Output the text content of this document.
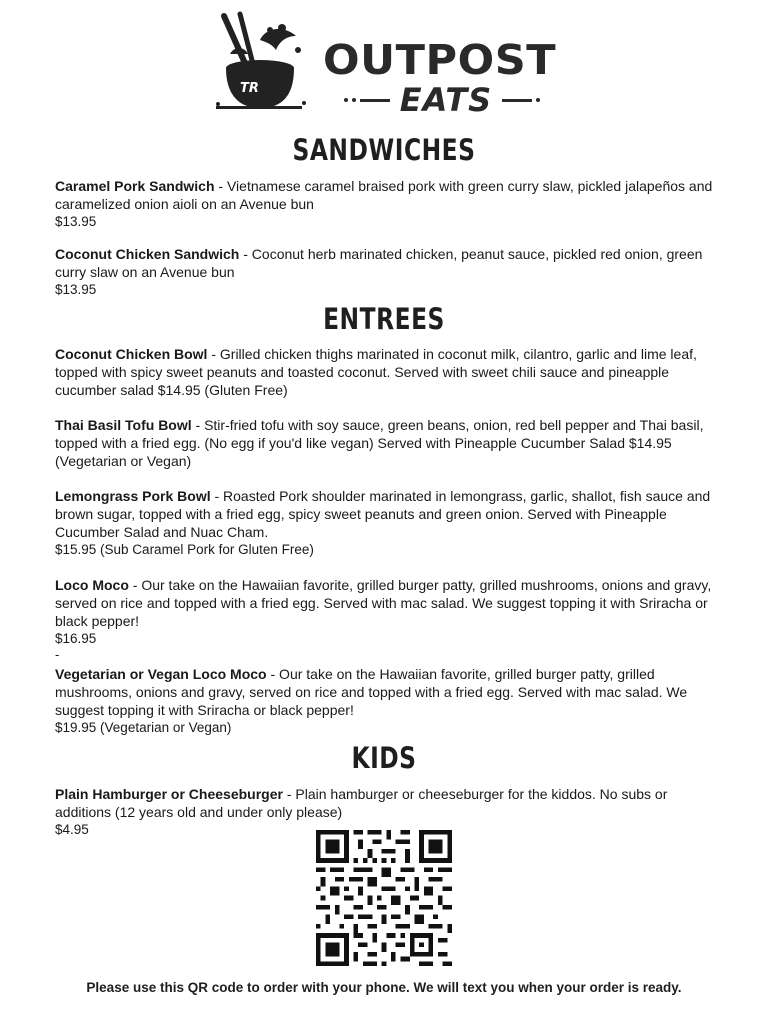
TR
OUTPOST
EATS
SANDWICHES
Caramel Pork Sandwich - Vietnamese caramel braised pork with green curry slaw, pickled jalapeños and caramelized onion aioli on an Avenue bun
$13.95
Coconut Chicken Sandwich - Coconut herb marinated chicken, peanut sauce, pickled red onion, green curry slaw on an Avenue bun
$13.95
ENTREES
Coconut Chicken Bowl - Grilled chicken thighs marinated in coconut milk, cilantro, garlic and lime leaf, topped with spicy sweet peanuts and toasted coconut. Served with sweet chili sauce and pineapple cucumber salad $14.95 (Gluten Free)
Thai Basil Tofu Bowl - Stir-fried tofu with soy sauce, green beans, onion, red bell pepper and Thai basil, topped with a fried egg. (No egg if you'd like vegan) Served with Pineapple Cucumber Salad $14.95 (Vegetarian or Vegan)
Lemongrass Pork Bowl - Roasted Pork shoulder marinated in lemongrass, garlic, shallot, fish sauce and brown sugar, topped with a fried egg, spicy sweet peanuts and green onion. Served with Pineapple Cucumber Salad and Nuac Cham.
$15.95 (Sub Caramel Pork for Gluten Free)
Loco Moco - Our take on the Hawaiian favorite, grilled burger patty, grilled mushrooms, onions and gravy, served on rice and topped with a fried egg. Served with mac salad. We suggest topping it with Sriracha or black pepper!
$16.95
-
Vegetarian or Vegan Loco Moco - Our take on the Hawaiian favorite, grilled burger patty, grilled mushrooms, onions and gravy, served on rice and topped with a fried egg. Served with mac salad. We suggest topping it with Sriracha or black pepper!
$19.95 (Vegetarian or Vegan)
KIDS
Plain Hamburger or Cheeseburger - Plain hamburger or cheeseburger for the kiddos. No subs or additions (12 years old and under only please)
$4.95
Please use this QR code to order with your phone. We will text you when your order is ready.
